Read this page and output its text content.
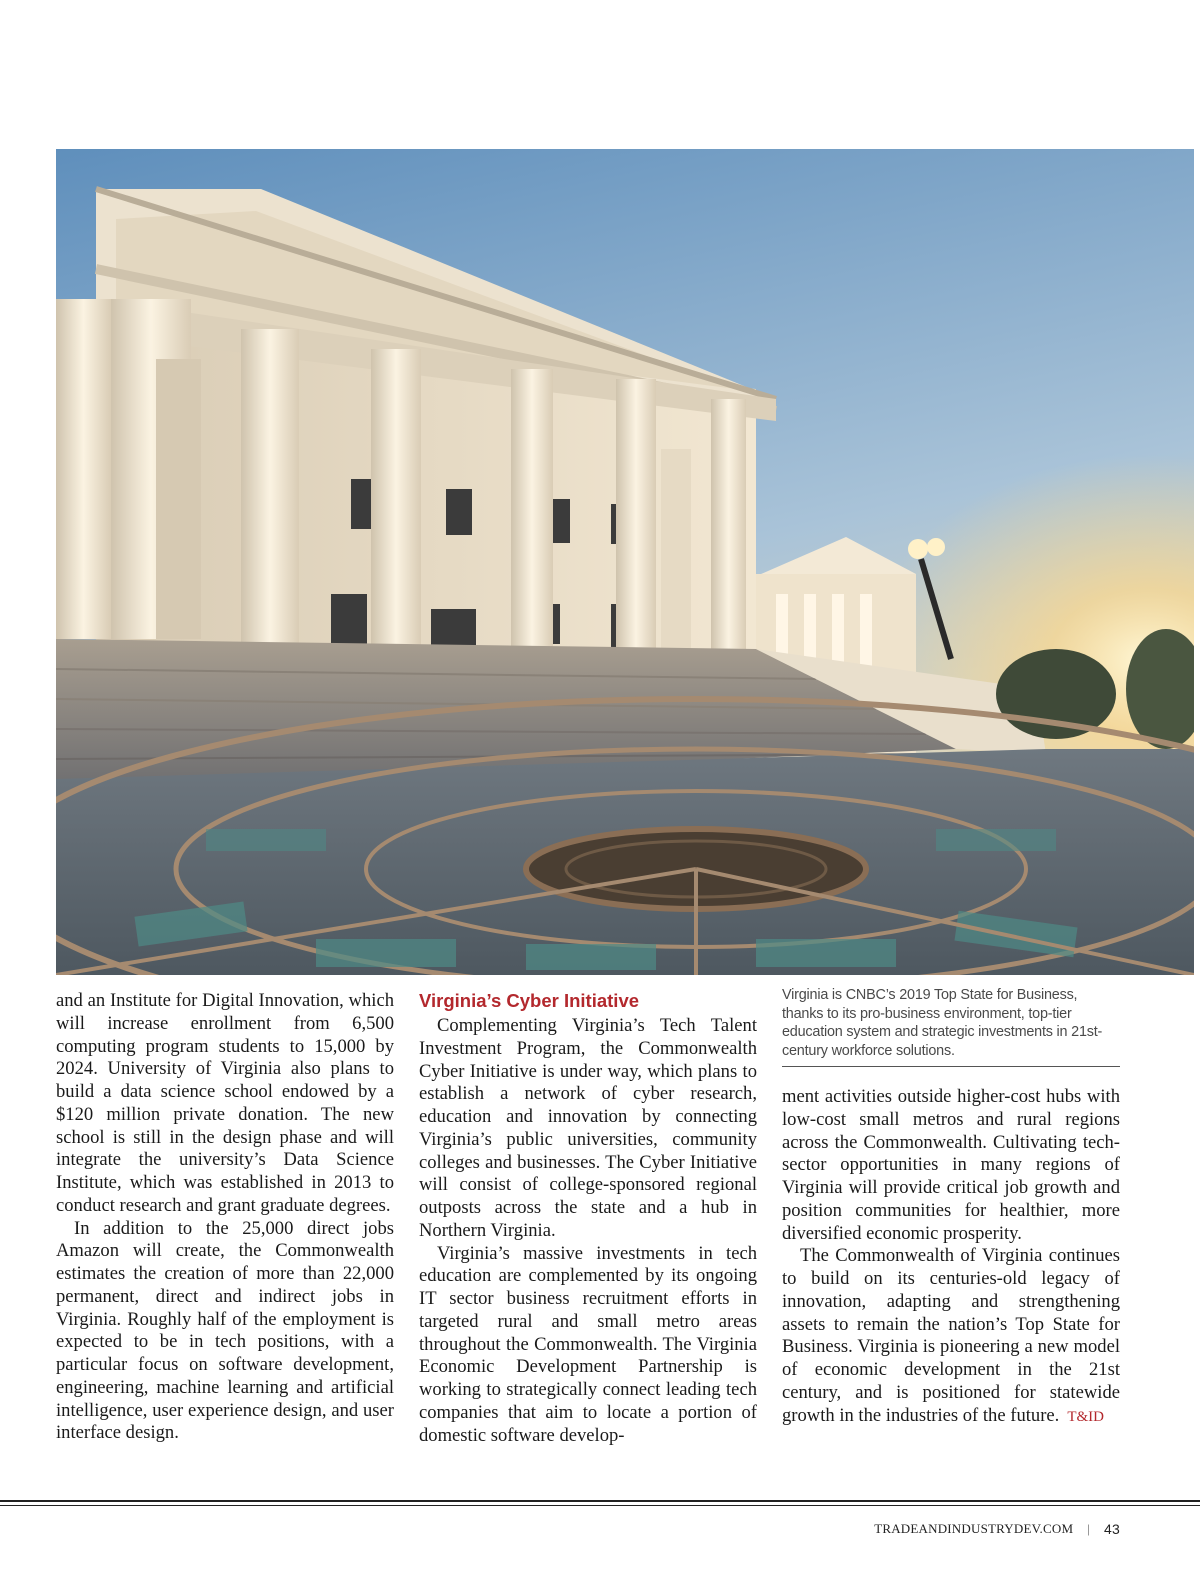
and an Institute for Digital Innovation, which will increase enrollment from 6,500 computing program students to 15,000 by 2024. University of Virginia also plans to build a data science school endowed by a $120 million private donation. The new school is still in the design phase and will integrate the university’s Data Science Institute, which was established in 2013 to conduct research and grant graduate degrees.

In addition to the 25,000 direct jobs Amazon will create, the Commonwealth estimates the creation of more than 22,000 permanent, direct and indirect jobs in Virginia. Roughly half of the employment is expected to be in tech positions, with a particular focus on software development, engineering, machine learning and artificial intelligence, user experience design, and user interface design.

Virginia’s Cyber Initiative

Complementing Virginia’s Tech Talent Investment Program, the Commonwealth Cyber Initiative is under way, which plans to establish a network of cyber research, education and innovation by connecting Virginia’s public universities, community colleges and businesses. The Cyber Initiative will consist of college-sponsored regional outposts across the state and a hub in Northern Virginia.

Virginia’s massive investments in tech education are complemented by its ongoing IT sector business recruitment efforts in targeted rural and small metro areas throughout the Commonwealth. The Virginia Economic Development Partnership is working to strategically connect leading tech companies that aim to locate a portion of domestic software develop-

Virginia is CNBC’s 2019 Top State for Business, thanks to its pro-business environment, top-tier education system and strategic investments in 21st-century workforce solutions.

ment activities outside higher-cost hubs with low-cost small metros and rural regions across the Commonwealth. Cultivating tech-sector opportunities in many regions of Virginia will provide critical job growth and position communities for healthier, more diversified economic prosperity.

The Commonwealth of Virginia continues to build on its centuries-old legacy of innovation, adapting and strengthening assets to remain the nation’s Top State for Business. Virginia is pioneering a new model of economic development in the 21st century, and is positioned for statewide growth in the industries of the future. T&ID

TRADEANDINDUSTRYDEV.COM | 43
